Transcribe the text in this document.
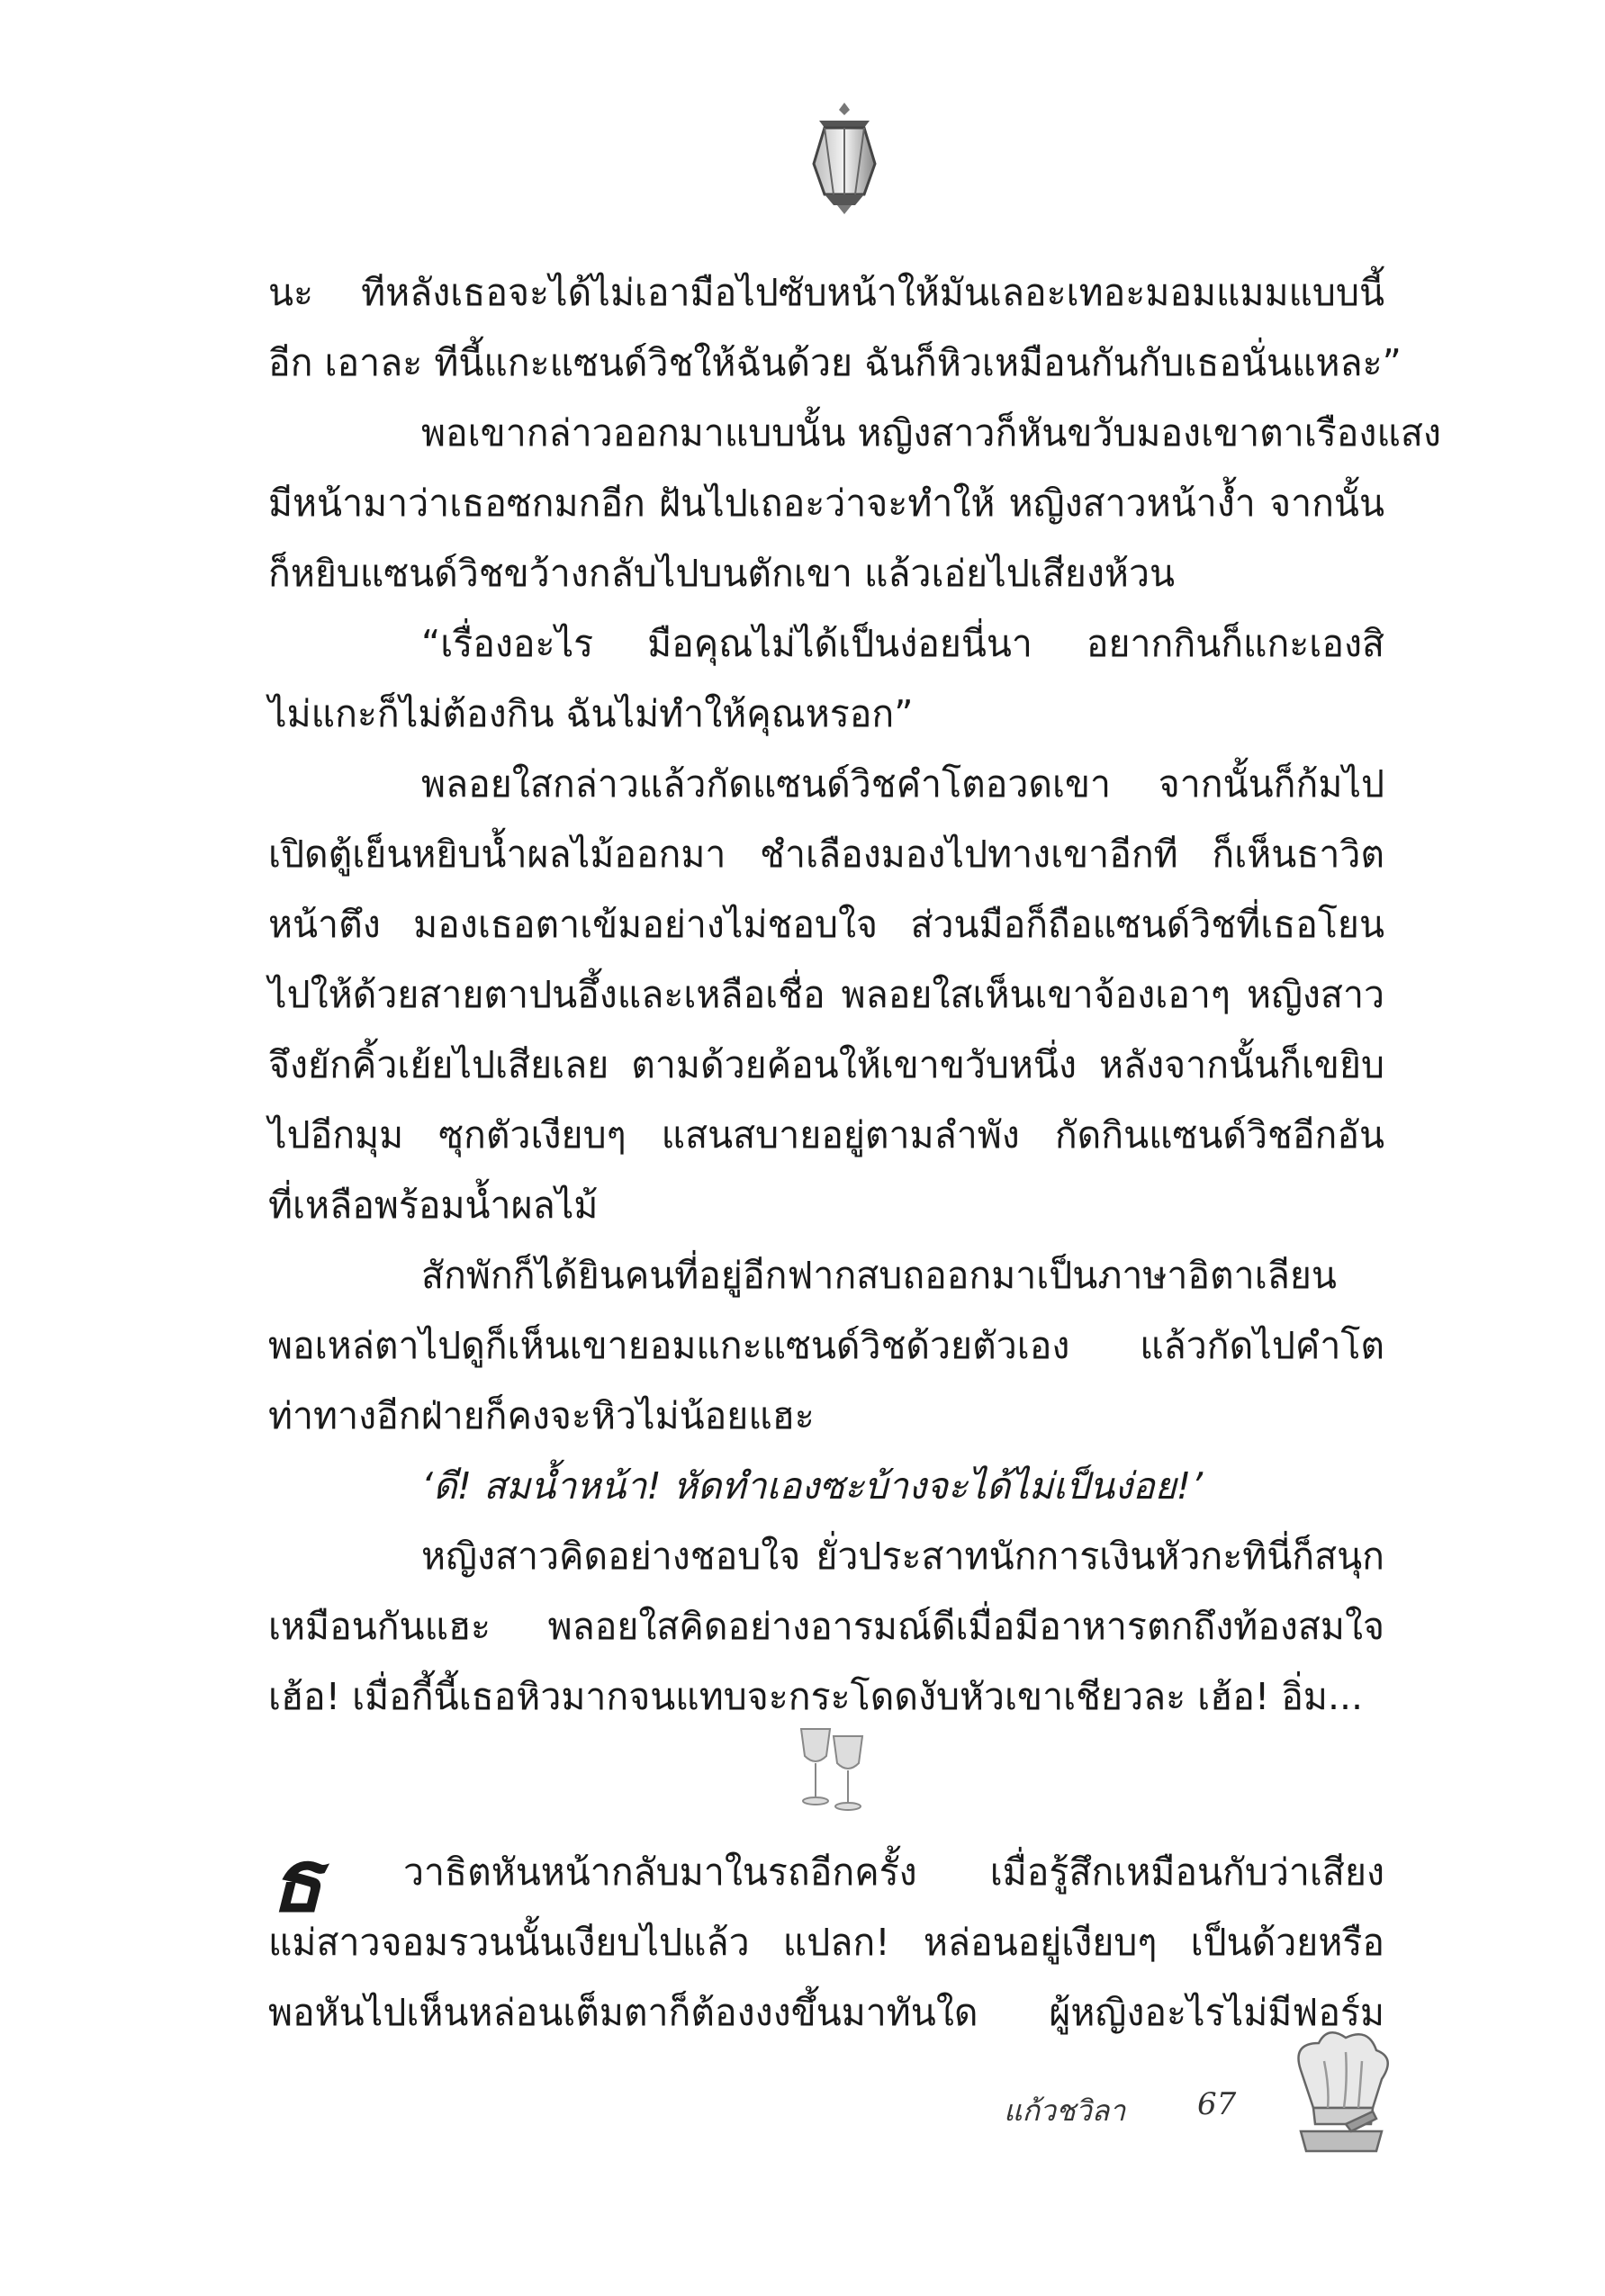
นะ ทีหลังเธอจะได้ไม่เอามือไปซับหน้าให้มันเลอะเทอะมอมแมมแบบนี้
อีก เอาละ ทีนี้แกะแซนด์วิชให้ฉันด้วย ฉันก็หิวเหมือนกันกับเธอนั่นแหละ”
พอเขากล่าวออกมาแบบนั้น หญิงสาวก็หันขวับมองเขาตาเรืองแสง
มีหน้ามาว่าเธอซกมกอีก ฝันไปเถอะว่าจะทำให้ หญิงสาวหน้างํ้า จากนั้น
ก็หยิบแซนด์วิชขว้างกลับไปบนตักเขา แล้วเอ่ยไปเสียงห้วน
“เรื่องอะไร มือคุณไม่ได้เป็นง่อยนี่นา อยากกินก็แกะเองสิ
ไม่แกะก็ไม่ต้องกิน ฉันไม่ทำให้คุณหรอก”
พลอยใสกล่าวแล้วกัดแซนด์วิชคำโตอวดเขา จากนั้นก็ก้มไป
เปิดตู้เย็นหยิบนํ้าผลไม้ออกมา ชำเลืองมองไปทางเขาอีกที ก็เห็นธาวิต
หน้าตึง มองเธอตาเข้มอย่างไม่ชอบใจ ส่วนมือก็ถือแซนด์วิชที่เธอโยน
ไปให้ด้วยสายตาปนอึ้งและเหลือเชื่อ พลอยใสเห็นเขาจ้องเอาๆ หญิงสาว
จึงยักคิ้วเย้ยไปเสียเลย ตามด้วยค้อนให้เขาขวับหนึ่ง หลังจากนั้นก็เขยิบ
ไปอีกมุม ซุกตัวเงียบๆ แสนสบายอยู่ตามลำพัง กัดกินแซนด์วิชอีกอัน
ที่เหลือพร้อมนํ้าผลไม้
สักพักก็ได้ยินคนที่อยู่อีกฟากสบถออกมาเป็นภาษาอิตาเลียน
พอเหล่ตาไปดูก็เห็นเขายอมแกะแซนด์วิชด้วยตัวเอง แล้วกัดไปคำโต
ท่าทางอีกฝ่ายก็คงจะหิวไม่น้อยแฮะ
‘ดี! สมนํ้าหน้า! หัดทำเองซะบ้างจะได้ไม่เป็นง่อย!’
หญิงสาวคิดอย่างชอบใจ ยั่วประสาทนักการเงินหัวกะทินี่ก็สนุก
เหมือนกันแฮะ พลอยใสคิดอย่างอารมณ์ดีเมื่อมีอาหารตกถึงท้องสมใจ
เฮ้อ! เมื่อกี้นี้เธอหิวมากจนแทบจะกระโดดงับหัวเขาเชียวละ เฮ้อ! อิ่ม...
ธ วาธิตหันหน้ากลับมาในรถอีกครั้ง เมื่อรู้สึกเหมือนกับว่าเสียง
แม่สาวจอมรวนนั้นเงียบไปแล้ว แปลก! หล่อนอยู่เงียบๆ เป็นด้วยหรือ
พอหันไปเห็นหล่อนเต็มตาก็ต้องงงขึ้นมาทันใด ผู้หญิงอะไรไม่มีฟอร์ม
แก้วชวิลา 67
